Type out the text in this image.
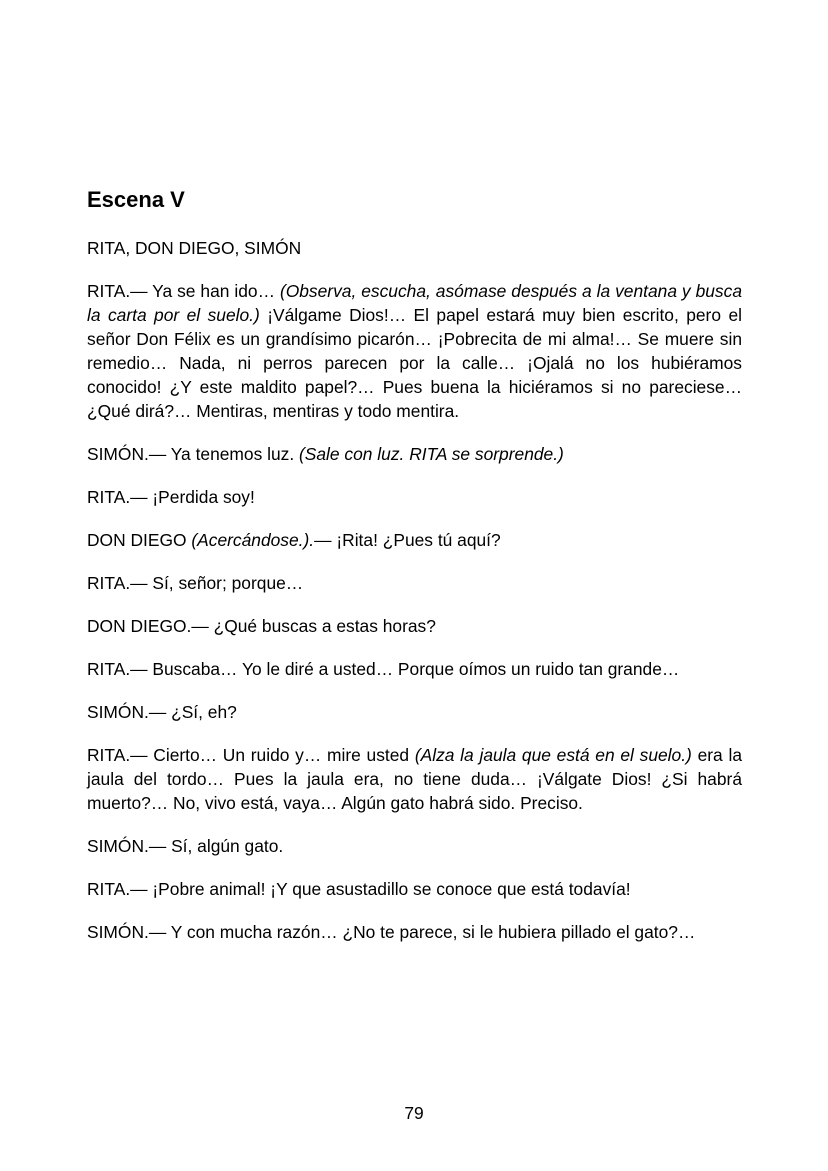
Escena V

RITA, DON DIEGO, SIMÓN

RITA.— Ya se han ido… (Observa, escucha, asómase después a la ventana y busca la carta por el suelo.) ¡Válgame Dios!… El papel estará muy bien escrito, pero el señor Don Félix es un grandísimo picarón… ¡Pobrecita de mi alma!… Se muere sin remedio… Nada, ni perros parecen por la calle… ¡Ojalá no los hubiéramos conocido! ¿Y este maldito papel?… Pues buena la hiciéramos si no pareciese… ¿Qué dirá?… Mentiras, mentiras y todo mentira.

SIMÓN.— Ya tenemos luz. (Sale con luz. RITA se sorprende.)

RITA.— ¡Perdida soy!

DON DIEGO (Acercándose.).— ¡Rita! ¿Pues tú aquí?

RITA.— Sí, señor; porque…

DON DIEGO.— ¿Qué buscas a estas horas?

RITA.— Buscaba… Yo le diré a usted… Porque oímos un ruido tan grande…

SIMÓN.— ¿Sí, eh?

RITA.— Cierto… Un ruido y… mire usted (Alza la jaula que está en el suelo.) era la jaula del tordo… Pues la jaula era, no tiene duda… ¡Válgate Dios! ¿Si habrá muerto?… No, vivo está, vaya… Algún gato habrá sido. Preciso.

SIMÓN.— Sí, algún gato.

RITA.— ¡Pobre animal! ¡Y que asustadillo se conoce que está todavía!

SIMÓN.— Y con mucha razón… ¿No te parece, si le hubiera pillado el gato?…

79
